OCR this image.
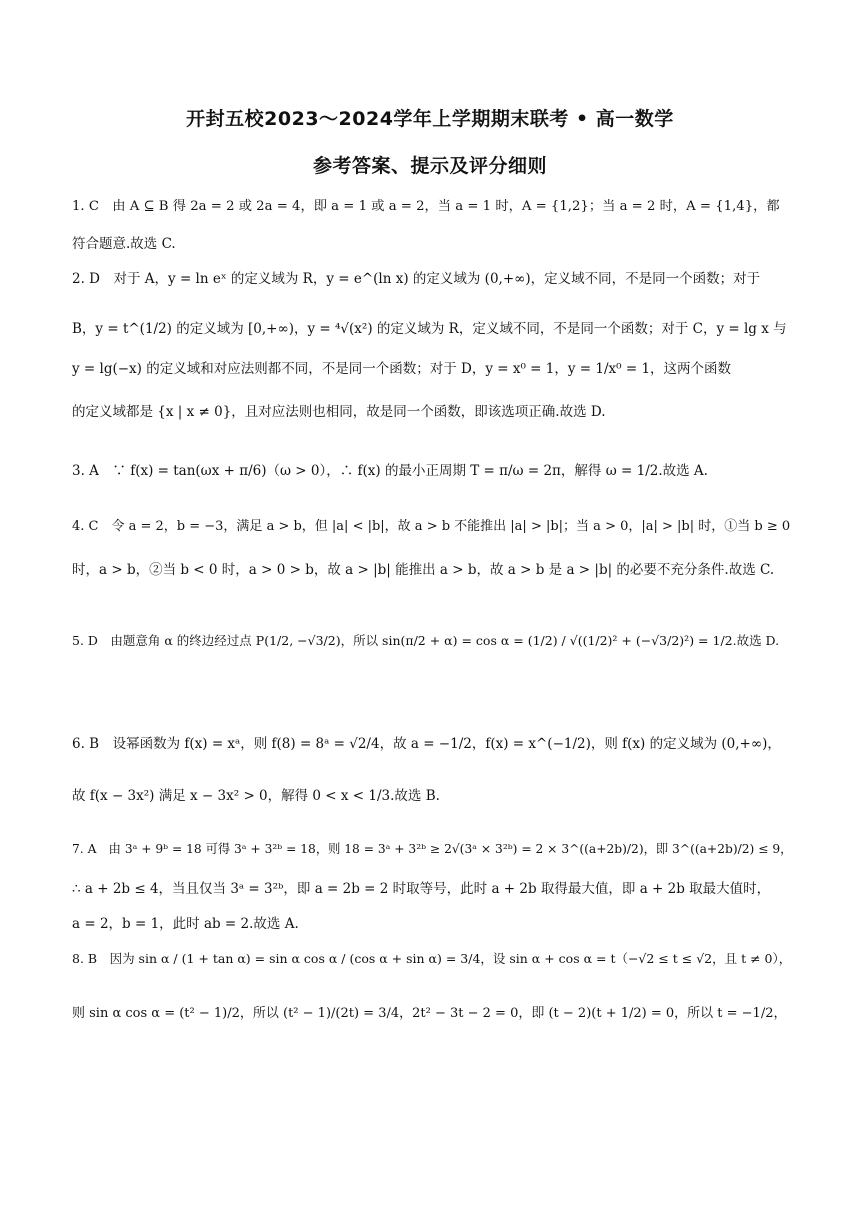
开封五校2023～2024学年上学期期末联考 • 高一数学
参考答案、提示及评分细则
1. C　由 A ⊆ B 得 2a = 2 或 2a = 4，即 a = 1 或 a = 2，当 a = 1 时，A = {1,2}；当 a = 2 时，A = {1,4}，都
符合题意.故选 C.
2. D　对于 A，y = ln eˣ 的定义域为 R，y = e^(ln x) 的定义域为 (0,+∞)，定义域不同，不是同一个函数；对于
B，y = t^(1/2) 的定义域为 [0,+∞)，y = ⁴√(x²) 的定义域为 R，定义域不同，不是同一个函数；对于 C，y = lg x 与
y = lg(−x) 的定义域和对应法则都不同，不是同一个函数；对于 D，y = x⁰ = 1，y = 1/x⁰ = 1，这两个函数
的定义域都是 {x | x ≠ 0}，且对应法则也相同，故是同一个函数，即该选项正确.故选 D.
3. A　∵ f(x) = tan(ωx + π/6)（ω > 0），∴ f(x) 的最小正周期 T = π/ω = 2π，解得 ω = 1/2.故选 A.
4. C　令 a = 2，b = −3，满足 a > b，但 |a| < |b|，故 a > b 不能推出 |a| > |b|；当 a > 0，|a| > |b| 时，①当 b ≥ 0
时，a > b，②当 b < 0 时，a > 0 > b，故 a > |b| 能推出 a > b，故 a > b 是 a > |b| 的必要不充分条件.故选 C.
5. D　由题意角 α 的终边经过点 P(1/2, −√3/2)，所以 sin(π/2 + α) = cos α = (1/2) / √((1/2)² + (−√3/2)²) = 1/2.故选 D.
6. B　设幂函数为 f(x) = xᵃ，则 f(8) = 8ᵃ = √2/4，故 a = −1/2，f(x) = x^(−1/2)，则 f(x) 的定义域为 (0,+∞)，
故 f(x − 3x²) 满足 x − 3x² > 0，解得 0 < x < 1/3.故选 B.
7. A　由 3ᵃ + 9ᵇ = 18 可得 3ᵃ + 3²ᵇ = 18，则 18 = 3ᵃ + 3²ᵇ ≥ 2√(3ᵃ × 3²ᵇ) = 2 × 3^((a+2b)/2)，即 3^((a+2b)/2) ≤ 9，
∴ a + 2b ≤ 4，当且仅当 3ᵃ = 3²ᵇ，即 a = 2b = 2 时取等号，此时 a + 2b 取得最大值，即 a + 2b 取最大值时，
a = 2，b = 1，此时 ab = 2.故选 A.
8. B　因为 sin α / (1 + tan α) = sin α cos α / (cos α + sin α) = 3/4，设 sin α + cos α = t（−√2 ≤ t ≤ √2，且 t ≠ 0），
则 sin α cos α = (t² − 1)/2，所以 (t² − 1)/(2t) = 3/4，2t² − 3t − 2 = 0，即 (t − 2)(t + 1/2) = 0，所以 t = −1/2，
